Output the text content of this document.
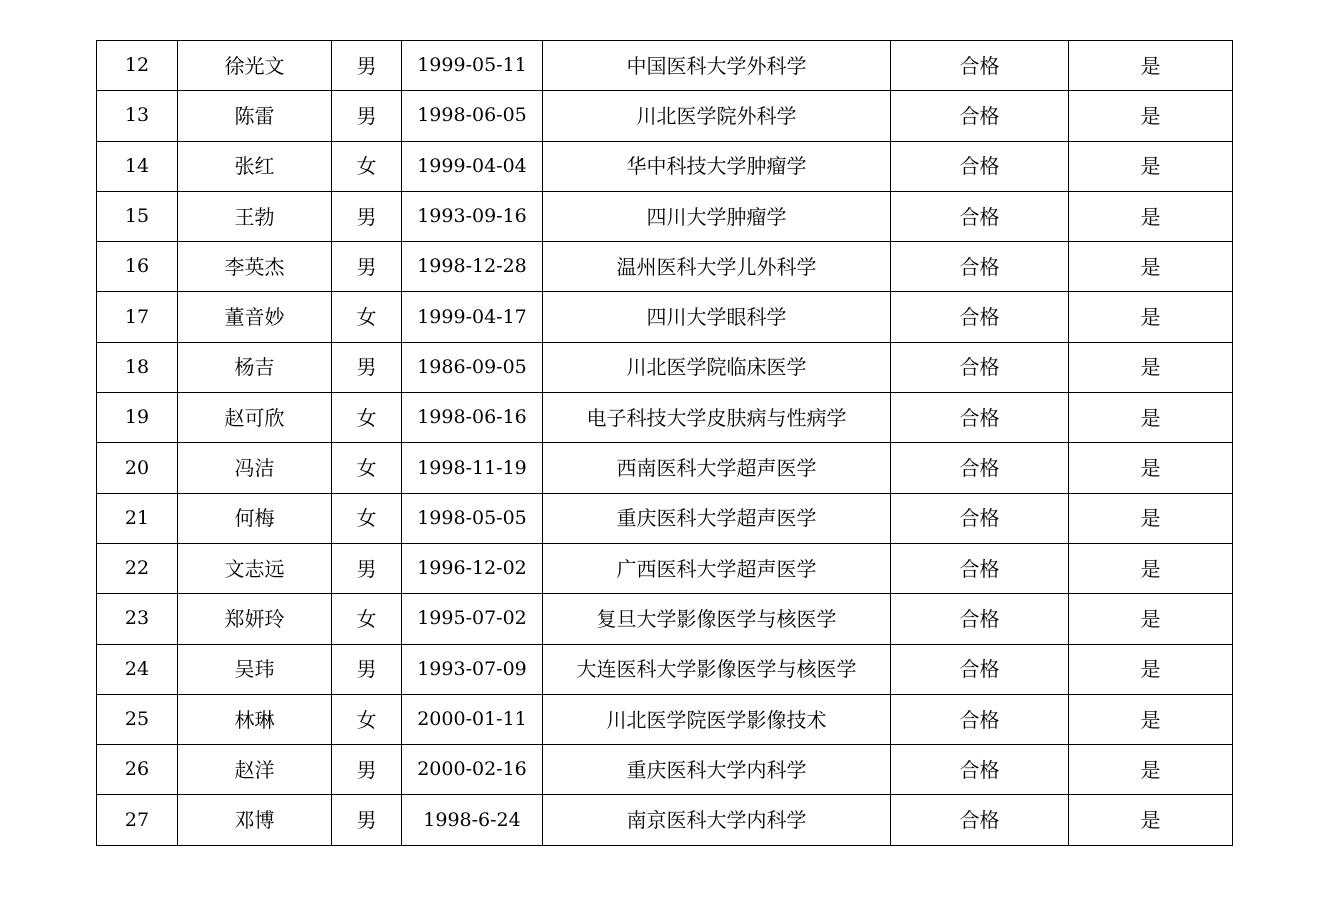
12	徐光文	男	1999-05-11	中国医科大学外科学	合格	是
13	陈雷	男	1998-06-05	川北医学院外科学	合格	是
14	张红	女	1999-04-04	华中科技大学肿瘤学	合格	是
15	王勃	男	1993-09-16	四川大学肿瘤学	合格	是
16	李英杰	男	1998-12-28	温州医科大学儿外科学	合格	是
17	董音妙	女	1999-04-17	四川大学眼科学	合格	是
18	杨吉	男	1986-09-05	川北医学院临床医学	合格	是
19	赵可欣	女	1998-06-16	电子科技大学皮肤病与性病学	合格	是
20	冯洁	女	1998-11-19	西南医科大学超声医学	合格	是
21	何梅	女	1998-05-05	重庆医科大学超声医学	合格	是
22	文志远	男	1996-12-02	广西医科大学超声医学	合格	是
23	郑妍玲	女	1995-07-02	复旦大学影像医学与核医学	合格	是
24	吴玮	男	1993-07-09	大连医科大学影像医学与核医学	合格	是
25	林琳	女	2000-01-11	川北医学院医学影像技术	合格	是
26	赵洋	男	2000-02-16	重庆医科大学内科学	合格	是
27	邓博	男	1998-6-24	南京医科大学内科学	合格	是
